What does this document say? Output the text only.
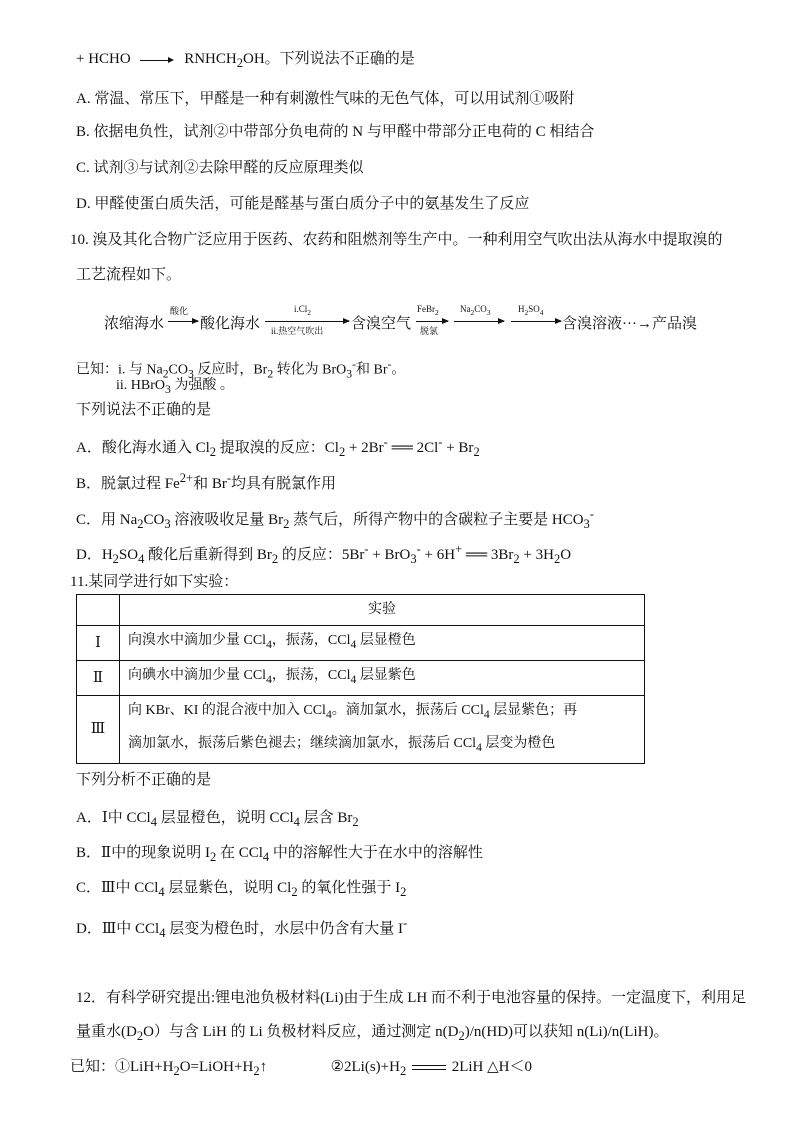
+ HCHO	$RNHCH_2OH$。下列说法不正确的是
A. 常温、常压下，甲醛是一种有刺激性气味的无色气体，可以用试剂①吸附
B. 依据电负性，试剂②中带部分负电荷的 N 与甲醛中带部分正电荷的 C 相结合
C. 试剂③与试剂②去除甲醛的反应原理类似
D. 甲醛使蛋白质失活，可能是醛基与蛋白质分子中的氨基发生了反应
10. 溴及其化合物广泛应用于医药、农药和阻燃剂等生产中。一种利用空气吹出法从海水中提取溴的
工艺流程如下。
浓缩海水
酸化
酸化海水
$i.Cl_2$
ii.热空气吹出 含溴空气
FeBr$_2$
脱氯
$Na_2CO_3$	$H_2SO_4$
含溴溶液···→产品溴
已知：i. 与 $Na_2CO_3$ 反应时，$Br_2$ 转化为 BrO$_3$-和 Br-。
ii. HBrO$_3$ 为强酸 。
下列说法不正确的是
A．酸化海水通入 $Cl_2$ 提取溴的反应：$Cl_2 + 2Br^-$ ══ $2Cl^- + Br_2$
B．脱氯过程 $Fe^{2+}$和 Br-均具有脱氯作用
C．用 $Na_2CO_3$ 溶液吸收足量 $Br_2$ 蒸气后，所得产物中的含碳粒子主要是 $HCO_3^-$
D．$H_2SO_4$ 酸化后重新得到 $Br_2$ 的反应：5Br- + BrO$_3$- + 6H+ ══ $3Br_2 + 3H_2O$
11.某同学进行如下实验：
	实验
Ⅰ	向溴水中滴加少量 CCl$_4$，振荡，CCl$_4$ 层显橙色
Ⅱ	向碘水中滴加少量 CCl$_4$，振荡，CCl$_4$ 层显紫色
Ⅲ	向 KBr、KI 的混合液中加入 CCl$_4$。滴加氯水，振荡后 CCl$_4$ 层显紫色；再
滴加氯水，振荡后紫色褪去；继续滴加氯水，振荡后 CCl$_4$ 层变为橙色
下列分析不正确的是
A．Ⅰ中 CCl$_4$ 层显橙色，说明 CCl$_4$ 层含 $Br_2$
B．Ⅱ中的现象说明 $I_2$ 在 CCl$_4$ 中的溶解性大于在水中的溶解性
C．Ⅲ中 CCl$_4$ 层显紫色，说明 $Cl_2$ 的氧化性强于 $I_2$
D．Ⅲ中 CCl$_4$ 层变为橙色时，水层中仍含有大量 I-
12．有科学研究提出:锂电池负极材料(Li)由于生成 LH 而不利于电池容量的保持。一定温度下，利用足
量重水$(D_2O)$与含 LiH 的 Li 负极材料反应，通过测定 $n(D_2)/n(HD)$可以获知 n(Li)/n(LiH)。
已知：$①LiH+H_2O=LiOH+H_2↑$	$②2Li(s)+H_2$	2LiH △H＜0
